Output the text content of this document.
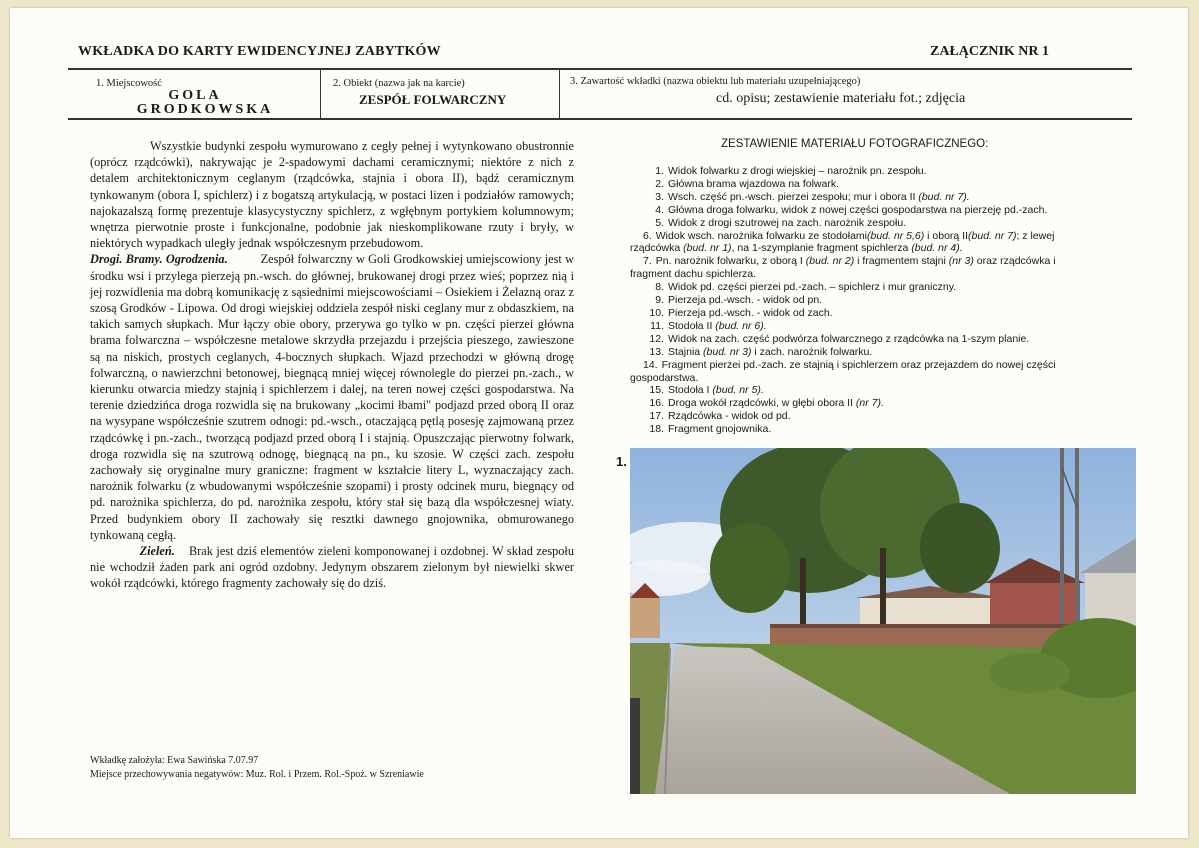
WKŁADKA DO KARTY EWIDENCYJNEJ ZABYTKÓW	ZAŁĄCZNIK NR 1
1. Miejscowość
GOLA
GRODKOWSKA
2. Obiekt (nazwa jak na karcie)
ZESPÓŁ FOLWARCZNY
3. Zawartość wkładki (nazwa obiektu lub materiału uzupełniającego)
cd. opisu; zestawienie materiału fot.; zdjęcia

Wszystkie budynki zespołu wymurowano z cegły pełnej i wytynkowano obustronnie (oprócz rządcówki), nakrywając je 2-spadowymi dachami ceramicznymi; niektóre z nich z detalem architektonicznym ceglanym (rządcówka, stajnia i obora II), bądź ceramicznym tynkowanym (obora I, spichlerz) i z bogatszą artykulacją, w postaci lizen i podziałów ramowych; najokazalszą formę prezentuje klasycystyczny spichlerz, z wgłębnym portykiem kolumnowym; wnętrza pierwotnie proste i funkcjonalne, podobnie jak nieskomplikowane rzuty i bryły, w niektórych wypadkach uległy jednak współczesnym przebudowom.

Drogi. Bramy. Ogrodzenia.	Zespół folwarczny w Goli Grodkowskiej umiejscowiony jest w środku wsi i przylega pierzeją pn.-wsch. do głównej, brukowanej drogi przez wieś; poprzez nią i jej rozwidlenia ma dobrą komunikację z sąsiednimi miejscowościami – Osiekiem i Żelazną oraz z szosą Grodków - Lipowa. Od drogi wiejskiej oddziela zespół niski ceglany mur z obdaszkiem, na takich samych słupkach. Mur łączy obie obory, przerywa go tylko w pn. części pierzei główna brama folwarczna – współczesne metalowe skrzydła przejazdu i przejścia pieszego, zawieszone są na niskich, prostych ceglanych, 4-bocznych słupkach. Wjazd przechodzi w główną drogę folwarczną, o nawierzchni betonowej, biegnącą mniej więcej równolegle do pierzei pn.-zach., w kierunku otwarcia miedzy stajnią i spichlerzem i dalej, na teren nowej części gospodarstwa. Na terenie dziedzińca droga rozwidla się na brukowany „kocimi łbami" podjazd przed oborą II oraz na wysypane współcześnie szutrem odnogi: pd.-wsch., otaczającą pętlą posesję zajmowaną przez rządcówkę i pn.-zach., tworzącą podjazd przed oborą I i stajnią. Opuszczając pierwotny folwark, droga rozwidla się na szutrową odnogę, biegnącą na pn., ku szosie. W części zach. zespołu zachowały się oryginalne mury graniczne: fragment w kształcie litery L, wyznaczający zach. narożnik folwarku (z wbudowanymi współcześnie szopami) i prosty odcinek muru, biegnący od pd. narożnika spichlerza, do pd. narożnika zespołu, który stał się bazą dla współczesnej wiaty. Przed budynkiem obory II zachowały się resztki dawnego gnojownika, obmurowanego tynkowaną cegłą.

Zieleń. Brak jest dziś elementów zieleni komponowanej i ozdobnej. W skład zespołu nie wchodził żaden park ani ogród ozdobny. Jedynym obszarem zielonym był niewielki skwer wokół rządcówki, którego fragmenty zachowały się do dziś.

Wkładkę założyła: Ewa Sawińska 7.07.97
Miejsce przechowywania negatywów: Muz. Rol. i Przem. Rol.-Spoż. w Szreniawie
ZESTAWIENIE MATERIAŁU FOTOGRAFICZNEGO:
1. Widok folwarku z drogi wiejskiej – narożnik pn. zespołu.
2. Główna brama wjazdowa na folwark.
3. Wsch. część pn.-wsch. pierzei zespołu; mur i obora II (bud. nr 7).
4. Główna droga folwarku, widok z nowej części gospodarstwa na pierzeję pd.-zach.
5. Widok z drogi szutrowej na zach. narożnik zespołu.
6. Widok wsch. narożnika folwarku ze stodołami(bud. nr 5,6) i oborą II(bud. nr 7); z lewej rządcówka (bud. nr 1), na 1-szymplanie fragment spichlerza (bud. nr 4).
7. Pn. narożnik folwarku, z oborą I (bud. nr 2) i fragmentem stajni (nr 3) oraz rządcówka i fragment dachu spichlerza.
8. Widok pd. części pierzei pd.-zach. – spichlerz i mur graniczny.
9. Pierzeja pd.-wsch. - widok od pn.
10. Pierzeja pd.-wsch. - widok od zach.
11. Stodoła II (bud. nr 6).
12. Widok na zach. część podwórza folwarcznego z rządcówka na 1-szym planie.
13. Stajnia (bud. nr 3) i zach. narożnik folwarku.
14. Fragment pierzei pd.-zach. ze stajnią i spichlerzem oraz przejazdem do nowej części gospodarstwa.
15. Stodoła I (bud. nr 5).
16. Droga wokół rządcówki, w głębi obora II (nr 7).
17. Rządcówka - widok od pd.
18. Fragment gnojownika.
1.
